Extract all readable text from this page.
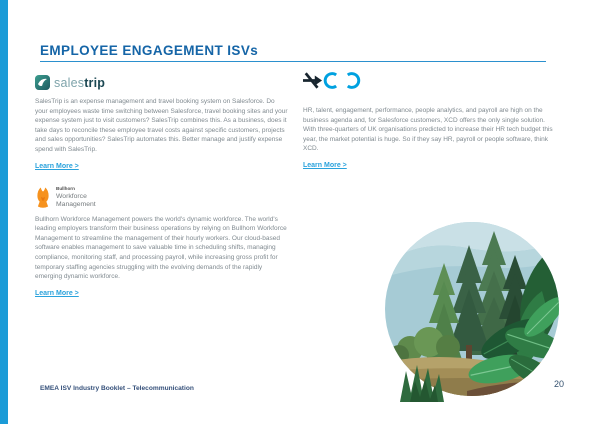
EMPLOYEE ENGAGEMENT ISVs
salestrip

SalesTrip is an expense management and travel booking system on Salesforce. Do your employees waste time switching between Salesforce, travel booking sites and your expense system just to visit customers? SalesTrip combines this. As a business, does it take days to reconcile these employee travel costs against specific customers, projects and sales opportunities? SalesTrip automates this. Better manage and justify expense spend with SalesTrip.

Learn More >
Bullhorn
Workforce
Management

Bullhorn Workforce Management powers the world's dynamic workforce. The world's leading employers transform their business operations by relying on Bullhorn Workforce Management to streamline the management of their hourly workers. Our cloud-based software enables management to save valuable time in scheduling shifts, managing compliance, monitoring staff, and processing payroll, while increasing gross profit for temporary staffing agencies struggling with the evolving demands of the rapidly emerging dynamic workforce.

Learn More >

HR, talent, engagement, performance, people analytics, and payroll are high on the business agenda and, for Salesforce customers, XCD offers the only single solution. With three-quarters of UK organisations predicted to increase their HR tech budget this year, the market potential is huge. So if they say HR, payroll or people software, think XCD.

Learn More >
EMEA ISV Industry Booklet – Telecommunication	20
